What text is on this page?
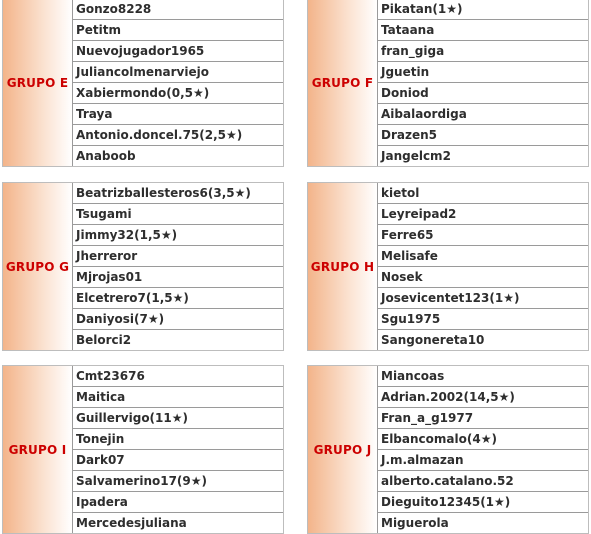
GRUPO E
Gonzo8228
Petitm
Nuevojugador1965
Juliancolmenarviejo
Xabiermondo(0,5★)
Traya
Antonio.doncel.75(2,5★)
Anaboob
GRUPO F
Pikatan(1★)
Tataana
fran_giga
Jguetin
Doniod
Aibalaordiga
Drazen5
Jangelcm2
GRUPO G
Beatrizballesteros6(3,5★)
Tsugami
Jimmy32(1,5★)
Jherreror
Mjrojas01
Elcetrero7(1,5★)
Daniyosi(7★)
Belorci2
GRUPO H
kietol
Leyreipad2
Ferre65
Melisafe
Nosek
Josevicentet123(1★)
Sgu1975
Sangonereta10
GRUPO I
Cmt23676
Maitica
Guillervigo(11★)
Tonejin
Dark07
Salvamerino17(9★)
Ipadera
Mercedesjuliana
GRUPO J
Miancoas
Adrian.2002(14,5★)
Fran_a_g1977
Elbancomalo(4★)
J.m.almazan
alberto.catalano.52
Dieguito12345(1★)
Miguerola
